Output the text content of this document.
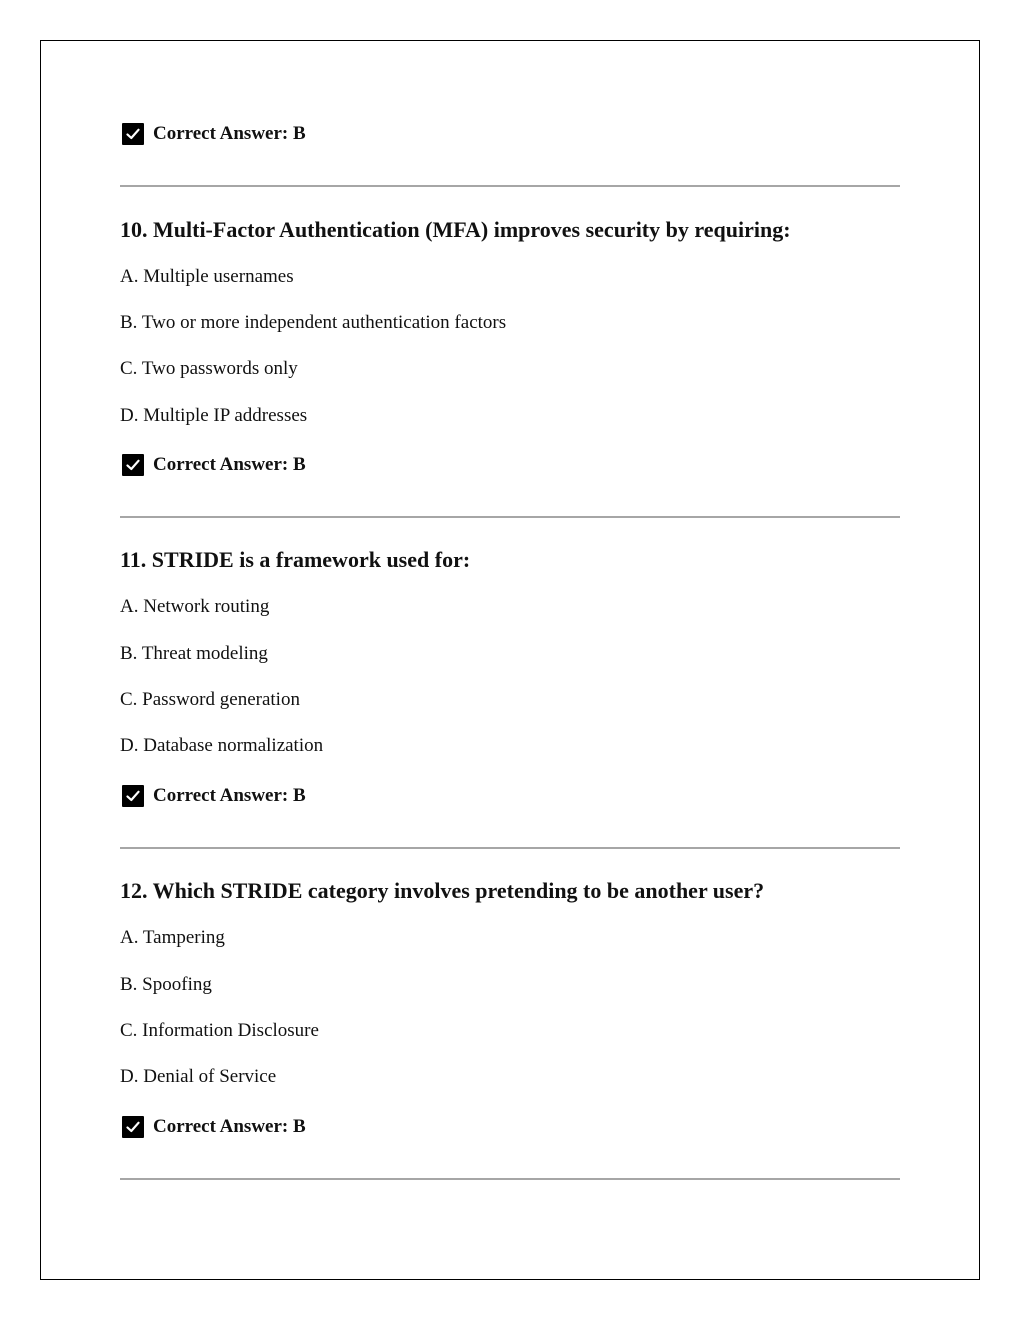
Correct Answer: B
10. Multi-Factor Authentication (MFA) improves security by requiring:
A. Multiple usernames
B. Two or more independent authentication factors
C. Two passwords only
D. Multiple IP addresses
Correct Answer: B
11. STRIDE is a framework used for:
A. Network routing
B. Threat modeling
C. Password generation
D. Database normalization
Correct Answer: B
12. Which STRIDE category involves pretending to be another user?
A. Tampering
B. Spoofing
C. Information Disclosure
D. Denial of Service
Correct Answer: B
